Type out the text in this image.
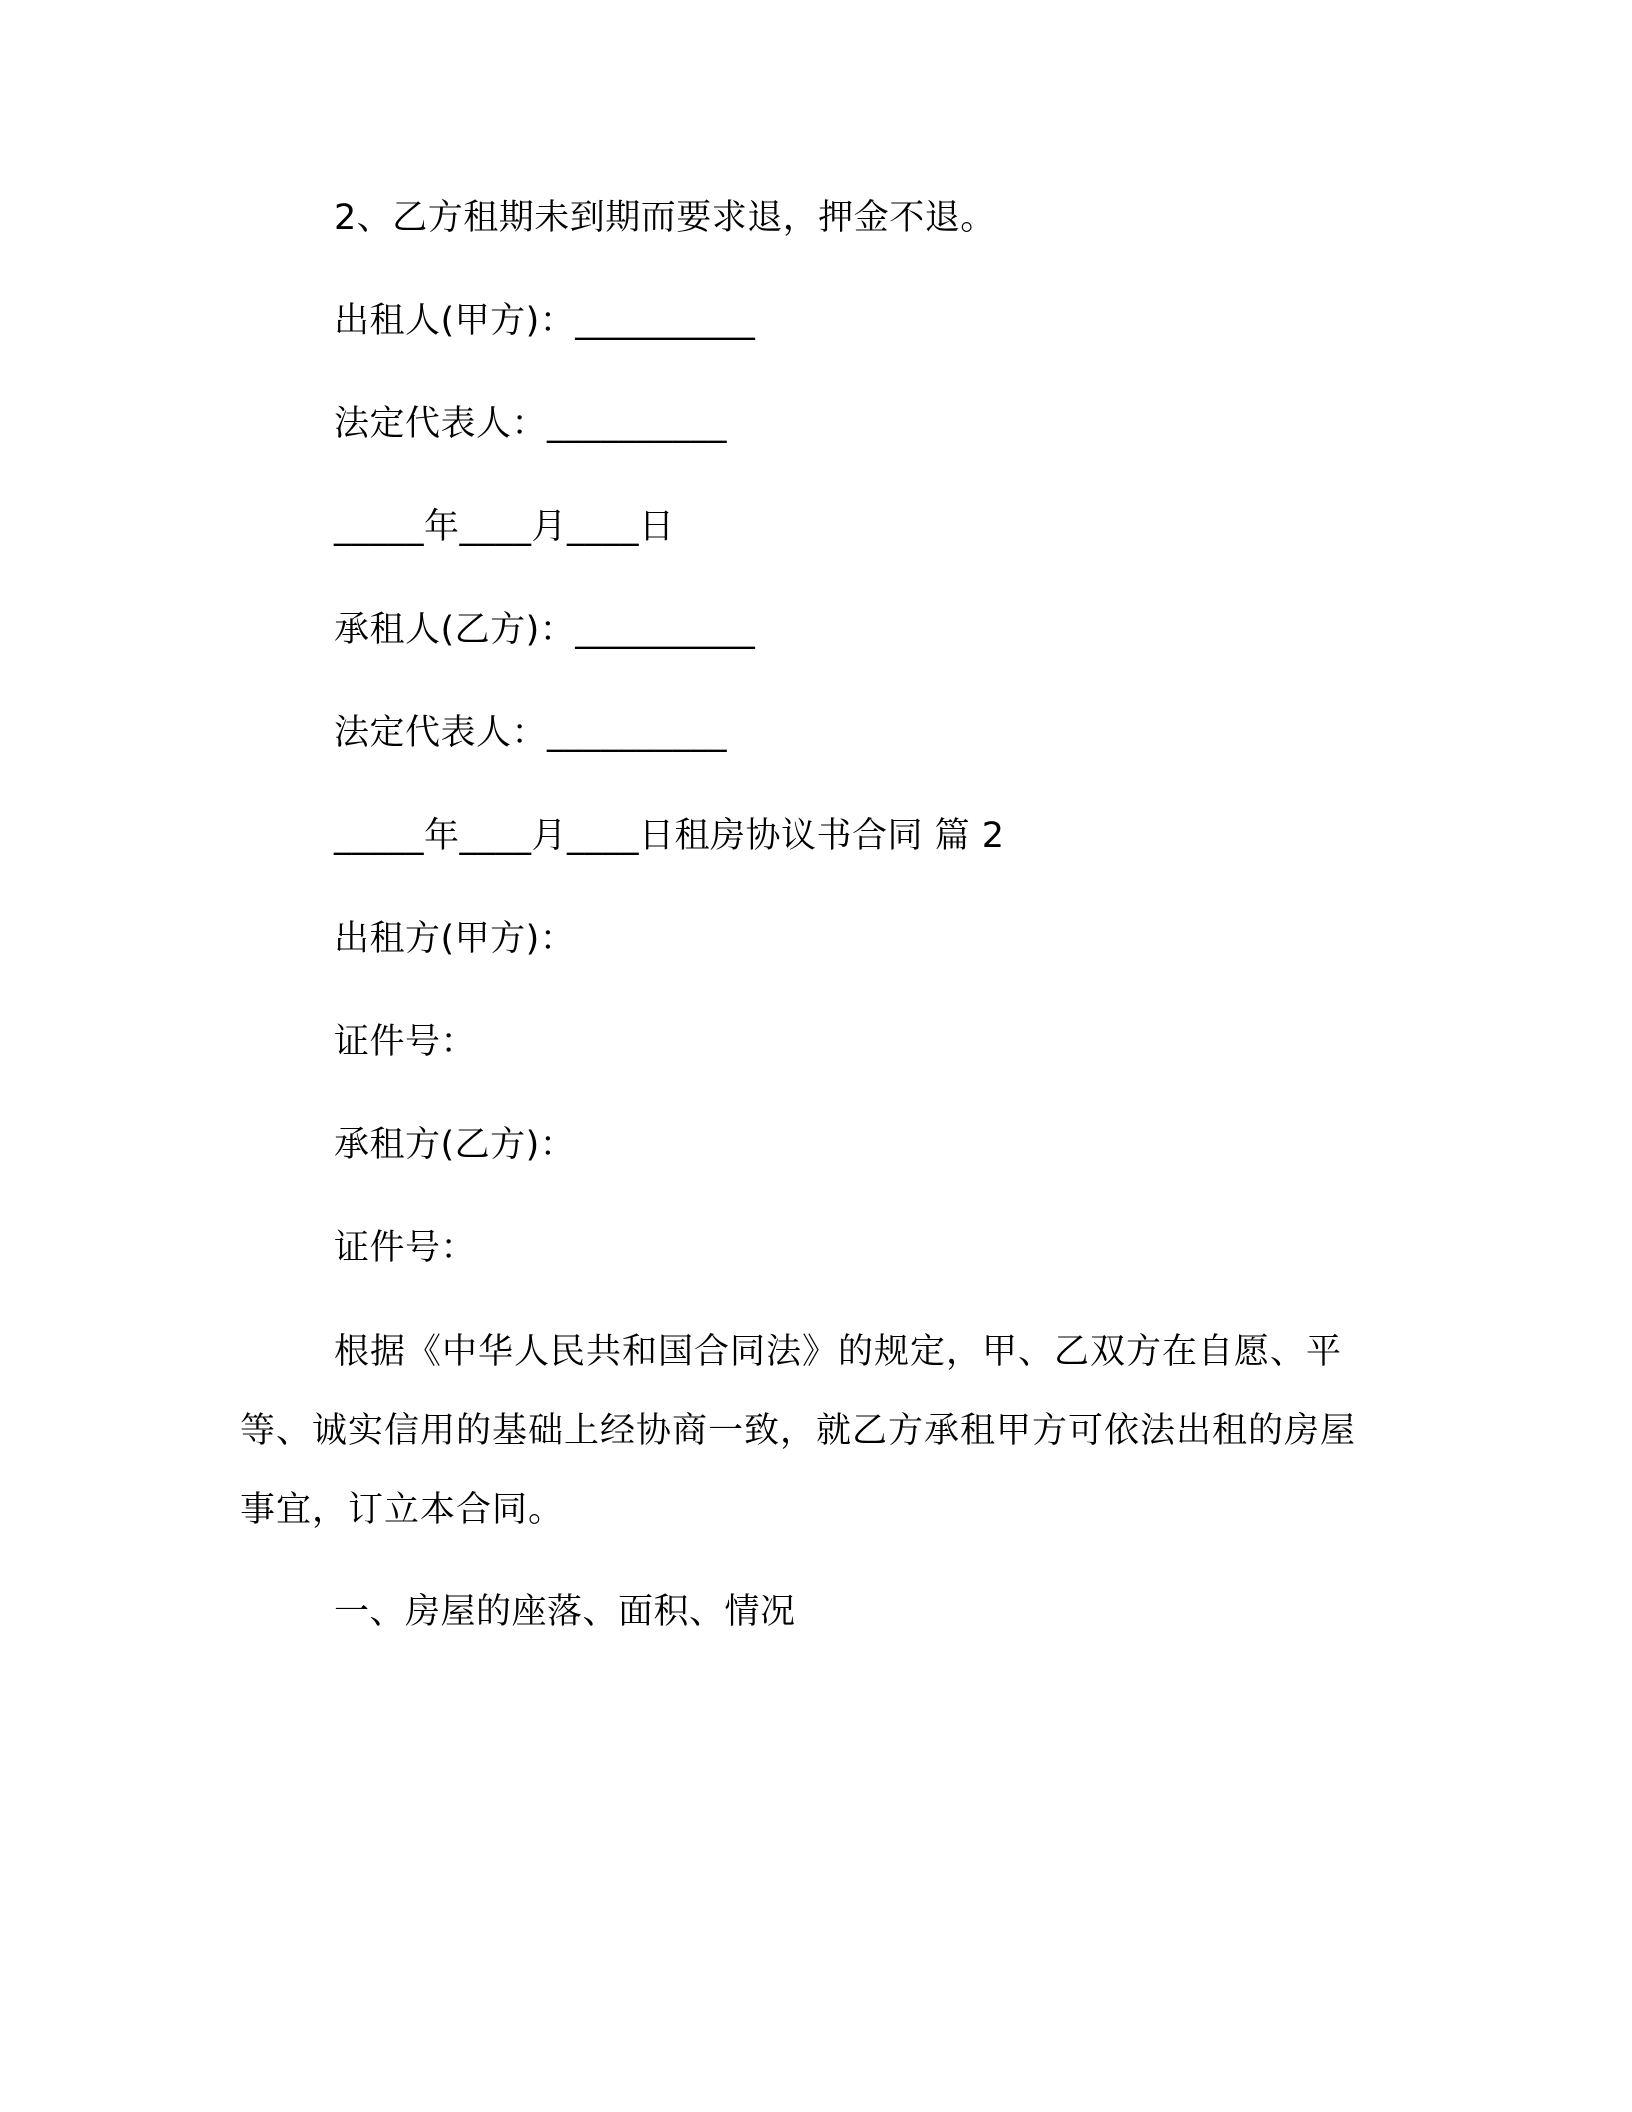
2、乙方租期未到期而要求退，押金不退。
出租人(甲方)：__________
法定代表人：__________
_____年____月____日
承租人(乙方)：__________
法定代表人：__________
_____年____月____日租房协议书合同 篇 2
出租方(甲方)：
证件号：
承租方(乙方)：
证件号：

根据《中华人民共和国合同法》的规定，甲、乙双方在自愿、平等、诚实信用的基础上经协商一致，就乙方承租甲方可依法出租的房屋事宜，订立本合同。

一、房屋的座落、面积、情况
